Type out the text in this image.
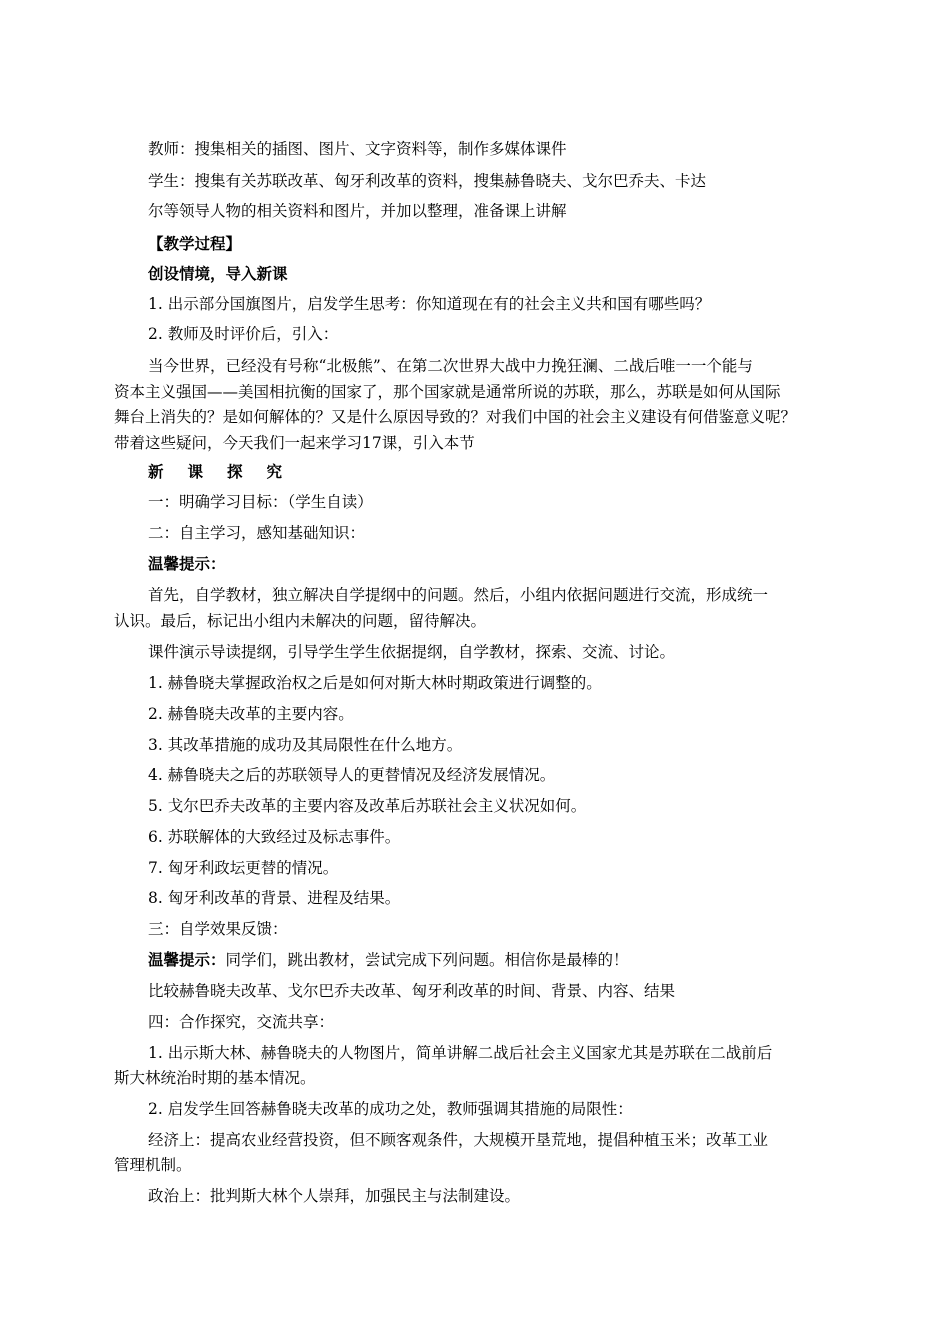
教师：搜集相关的插图、图片、文字资料等，制作多媒体课件

学生：搜集有关苏联改革、匈牙利改革的资料，搜集赫鲁晓夫、戈尔巴乔夫、卡达

尔等领导人物的相关资料和图片，并加以整理，准备课上讲解

【教学过程】

创设情境，导入新课

1. 出示部分国旗图片，启发学生思考：你知道现在有的社会主义共和国有哪些吗？

2. 教师及时评价后，引入：

当今世界，已经没有号称“北极熊”、在第二次世界大战中力挽狂澜、二战后唯一一个能与

资本主义强国——美国相抗衡的国家了，那个国家就是通常所说的苏联，那么，苏联是如何从国际

舞台上消失的？是如何解体的？又是什么原因导致的？对我们中国的社会主义建设有何借鉴意义呢？

带着这些疑问，今天我们一起来学习17课，引入本节

新 课 探 究

一：明确学习目标：（学生自读）

二：自主学习，感知基础知识：

温馨提示：

首先，自学教材，独立解决自学提纲中的问题。然后，小组内依据问题进行交流，形成统一

认识。最后，标记出小组内未解决的问题，留待解决。

课件演示导读提纲，引导学生学生依据提纲，自学教材，探索、交流、讨论。

1. 赫鲁晓夫掌握政治权之后是如何对斯大林时期政策进行调整的。

2. 赫鲁晓夫改革的主要内容。

3. 其改革措施的成功及其局限性在什么地方。

4. 赫鲁晓夫之后的苏联领导人的更替情况及经济发展情况。

5. 戈尔巴乔夫改革的主要内容及改革后苏联社会主义状况如何。

6. 苏联解体的大致经过及标志事件。

7. 匈牙利政坛更替的情况。

8. 匈牙利改革的背景、进程及结果。

三：自学效果反馈：

温馨提示：同学们，跳出教材，尝试完成下列问题。相信你是最棒的！

比较赫鲁晓夫改革、戈尔巴乔夫改革、匈牙利改革的时间、背景、内容、结果

四：合作探究，交流共享：

1. 出示斯大林、赫鲁晓夫的人物图片，简单讲解二战后社会主义国家尤其是苏联在二战前后

斯大林统治时期的基本情况。

2. 启发学生回答赫鲁晓夫改革的成功之处，教师强调其措施的局限性：

经济上：提高农业经营投资，但不顾客观条件，大规模开垦荒地，提倡种植玉米；改革工业

管理机制。

政治上：批判斯大林个人崇拜，加强民主与法制建设。
